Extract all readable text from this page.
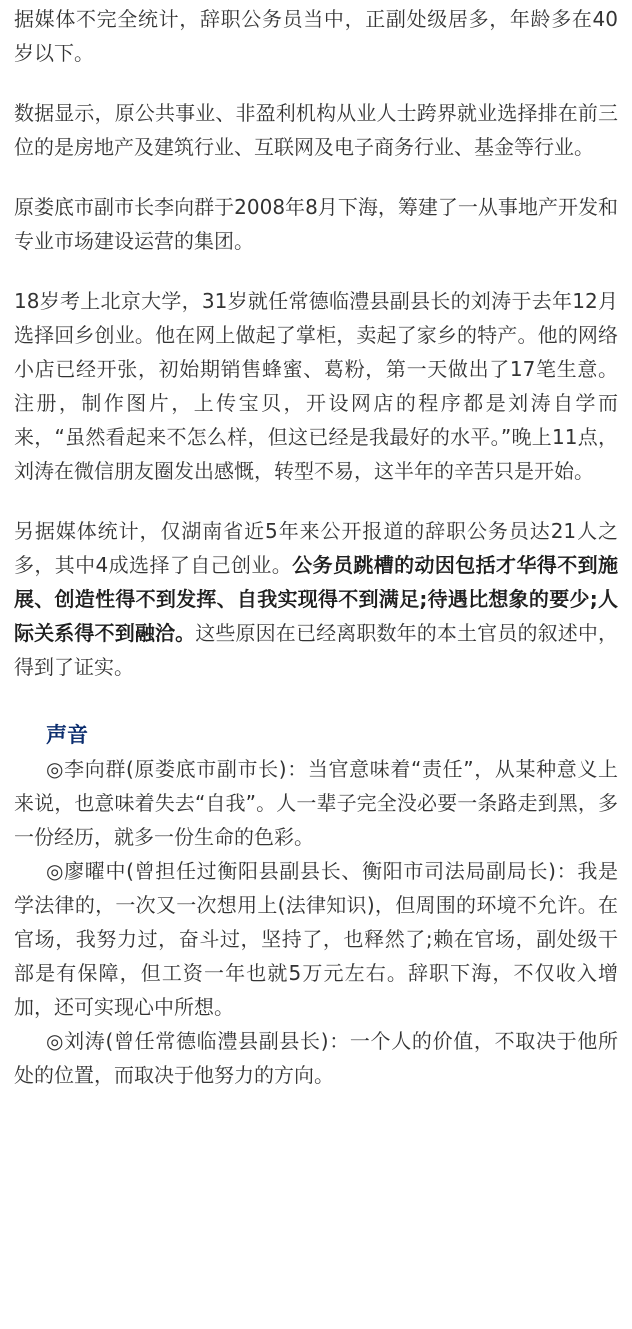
据媒体不完全统计，辞职公务员当中，正副处级居多，年龄多在40岁以下。

数据显示，原公共事业、非盈利机构从业人士跨界就业选择排在前三位的是房地产及建筑行业、互联网及电子商务行业、基金等行业。

原娄底市副市长李向群于2008年8月下海，筹建了一从事地产开发和专业市场建设运营的集团。

18岁考上北京大学，31岁就任常德临澧县副县长的刘涛于去年12月选择回乡创业。他在网上做起了掌柜，卖起了家乡的特产。他的网络小店已经开张，初始期销售蜂蜜、葛粉，第一天做出了17笔生意。注册，制作图片，上传宝贝，开设网店的程序都是刘涛自学而来，“虽然看起来不怎么样，但这已经是我最好的水平。”晚上11点，刘涛在微信朋友圈发出感慨，转型不易，这半年的辛苦只是开始。

另据媒体统计，仅湖南省近5年来公开报道的辞职公务员达21人之多，其中4成选择了自己创业。公务员跳槽的动因包括才华得不到施展、创造性得不到发挥、自我实现得不到满足;待遇比想象的要少;人际关系得不到融洽。这些原因在已经离职数年的本土官员的叙述中，得到了证实。

声音

◎李向群(原娄底市副市长)：当官意味着“责任”，从某种意义上来说，也意味着失去“自我”。人一辈子完全没必要一条路走到黑，多一份经历，就多一份生命的色彩。

◎廖曜中(曾担任过衡阳县副县长、衡阳市司法局副局长)：我是学法律的，一次又一次想用上(法律知识)，但周围的环境不允许。在官场，我努力过，奋斗过，坚持了，也释然了;赖在官场，副处级干部是有保障，但工资一年也就5万元左右。辞职下海，不仅收入增加，还可实现心中所想。

◎刘涛(曾任常德临澧县副县长)：一个人的价值，不取决于他所处的位置，而取决于他努力的方向。
